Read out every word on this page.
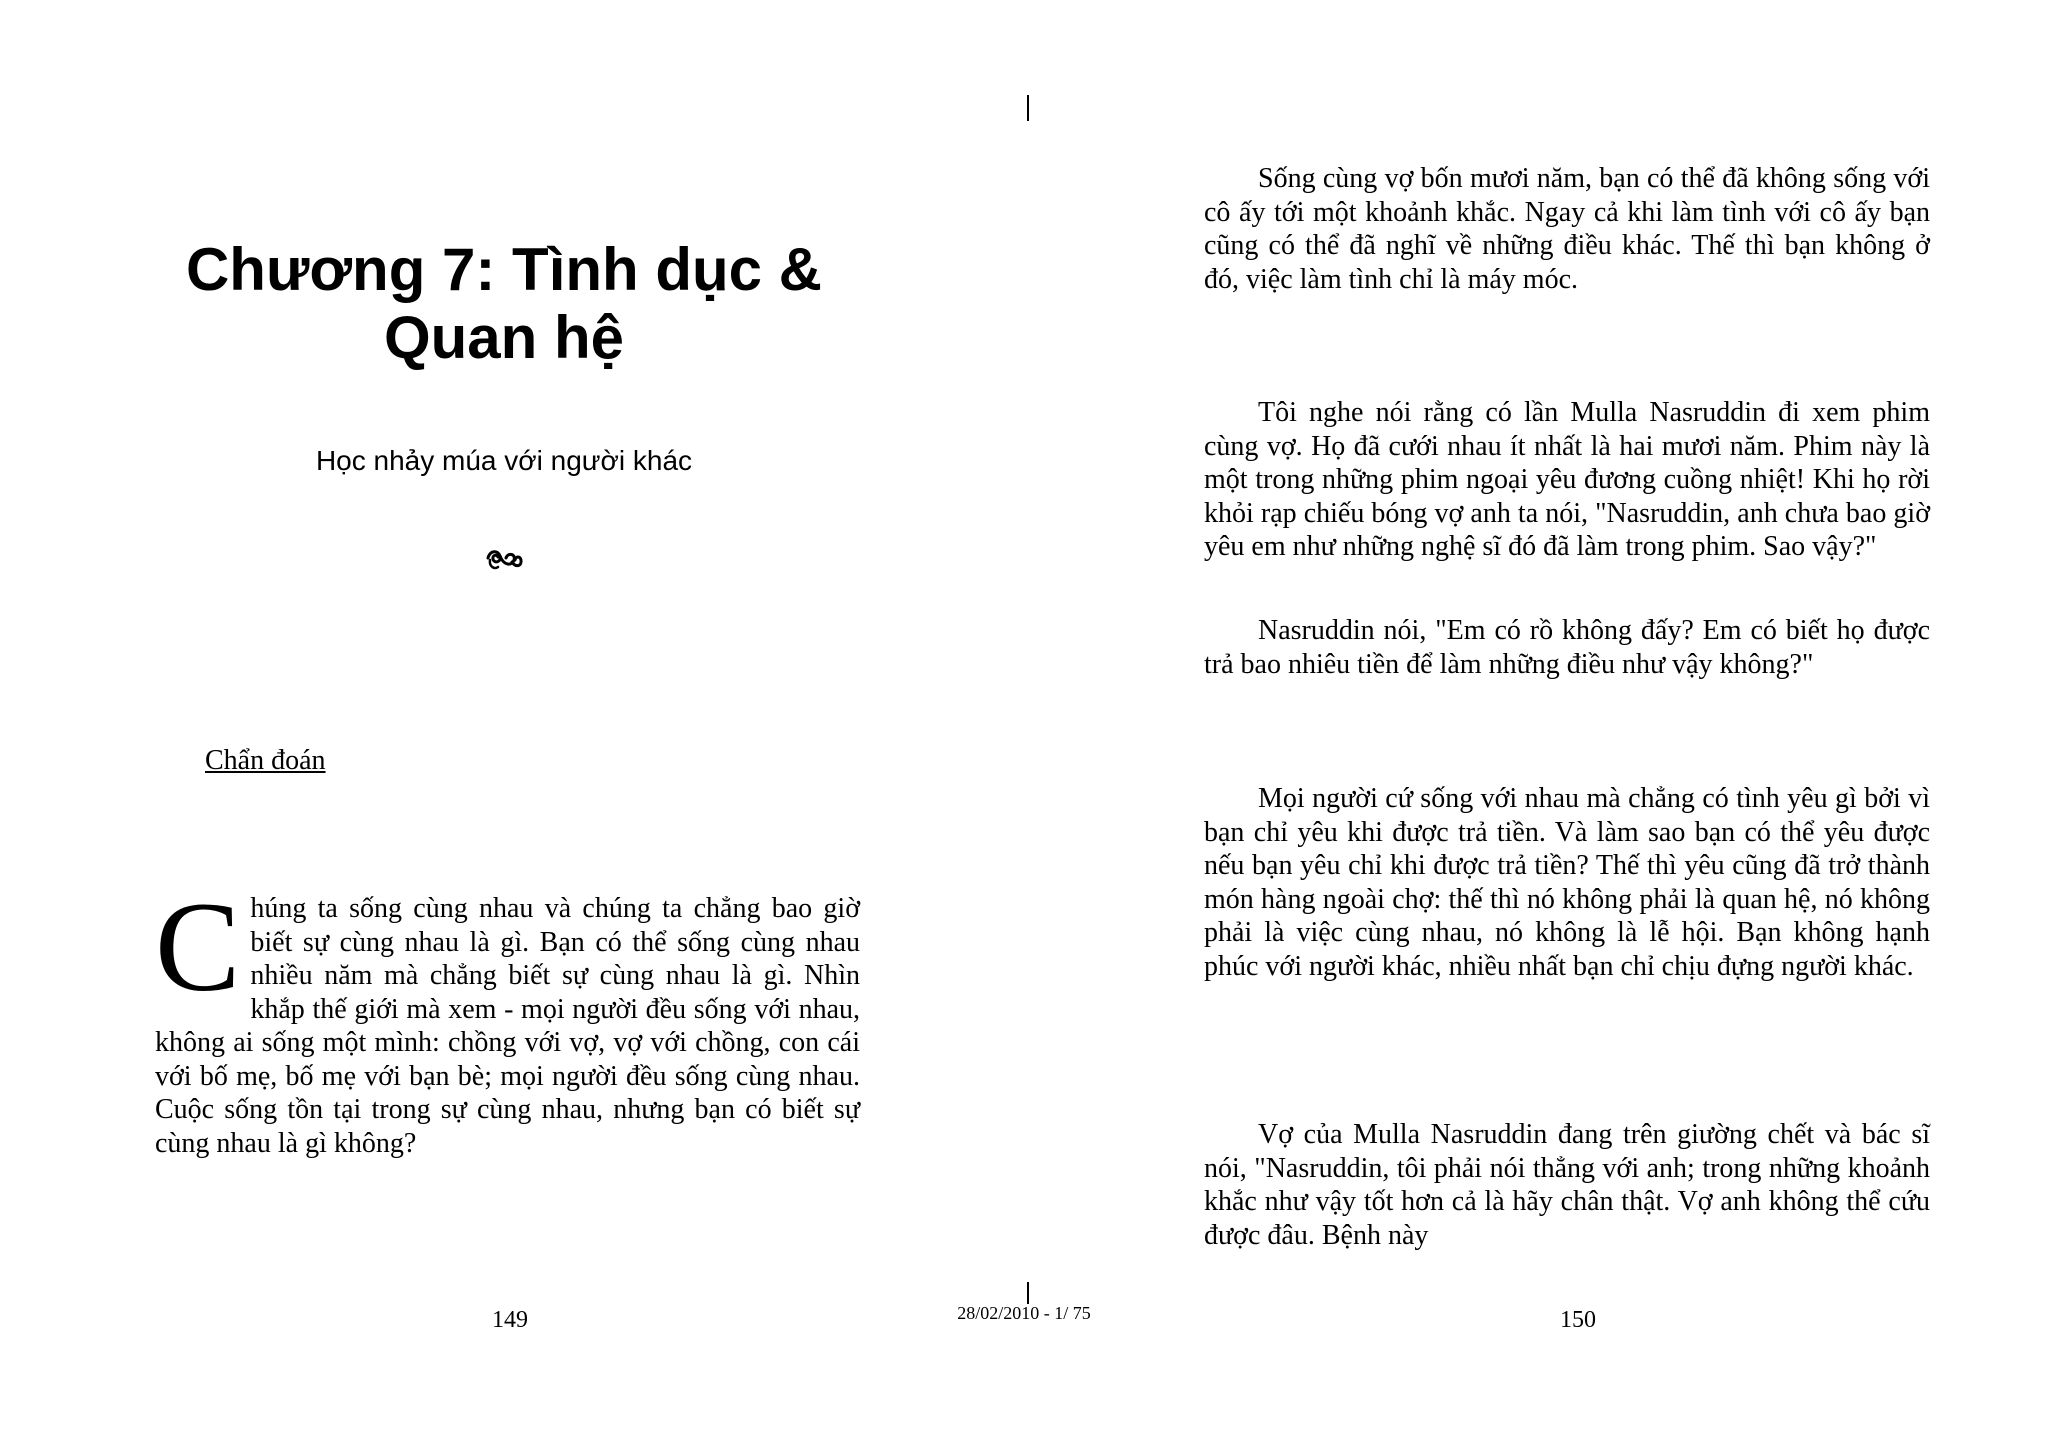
Chương 7: Tình dục &
Quan hệ

Học nhảy múa với người khác

Chẩn đoán

Chúng ta sống cùng nhau và chúng ta chẳng bao giờ biết sự cùng nhau là gì. Bạn có thể sống cùng nhau nhiều năm mà chẳng biết sự cùng nhau là gì. Nhìn khắp thế giới mà xem - mọi người đều sống với nhau, không ai sống một mình: chồng với vợ, vợ với chồng, con cái với bố mẹ, bố mẹ với bạn bè; mọi người đều sống cùng nhau. Cuộc sống tồn tại trong sự cùng nhau, nhưng bạn có biết sự cùng nhau là gì không?

149

Sống cùng vợ bốn mươi năm, bạn có thể đã không sống với cô ấy tới một khoảnh khắc. Ngay cả khi làm tình với cô ấy bạn cũng có thể đã nghĩ về những điều khác. Thế thì bạn không ở đó, việc làm tình chỉ là máy móc.

Tôi nghe nói rằng có lần Mulla Nasruddin đi xem phim cùng vợ. Họ đã cưới nhau ít nhất là hai mươi năm. Phim này là một trong những phim ngoại yêu đương cuồng nhiệt! Khi họ rời khỏi rạp chiếu bóng vợ anh ta nói, "Nasruddin, anh chưa bao giờ yêu em như những nghệ sĩ đó đã làm trong phim. Sao vậy?"

Nasruddin nói, "Em có rồ không đấy? Em có biết họ được trả bao nhiêu tiền để làm những điều như vậy không?"

Mọi người cứ sống với nhau mà chẳng có tình yêu gì bởi vì bạn chỉ yêu khi được trả tiền. Và làm sao bạn có thể yêu được nếu bạn yêu chỉ khi được trả tiền? Thế thì yêu cũng đã trở thành món hàng ngoài chợ: thế thì nó không phải là quan hệ, nó không phải là việc cùng nhau, nó không là lễ hội. Bạn không hạnh phúc với người khác, nhiều nhất bạn chỉ chịu đựng người khác.

Vợ của Mulla Nasruddin đang trên giường chết và bác sĩ nói, "Nasruddin, tôi phải nói thẳng với anh; trong những khoảnh khắc như vậy tốt hơn cả là hãy chân thật. Vợ anh không thể cứu được đâu. Bệnh này

150

28/02/2010 - 1/ 75
